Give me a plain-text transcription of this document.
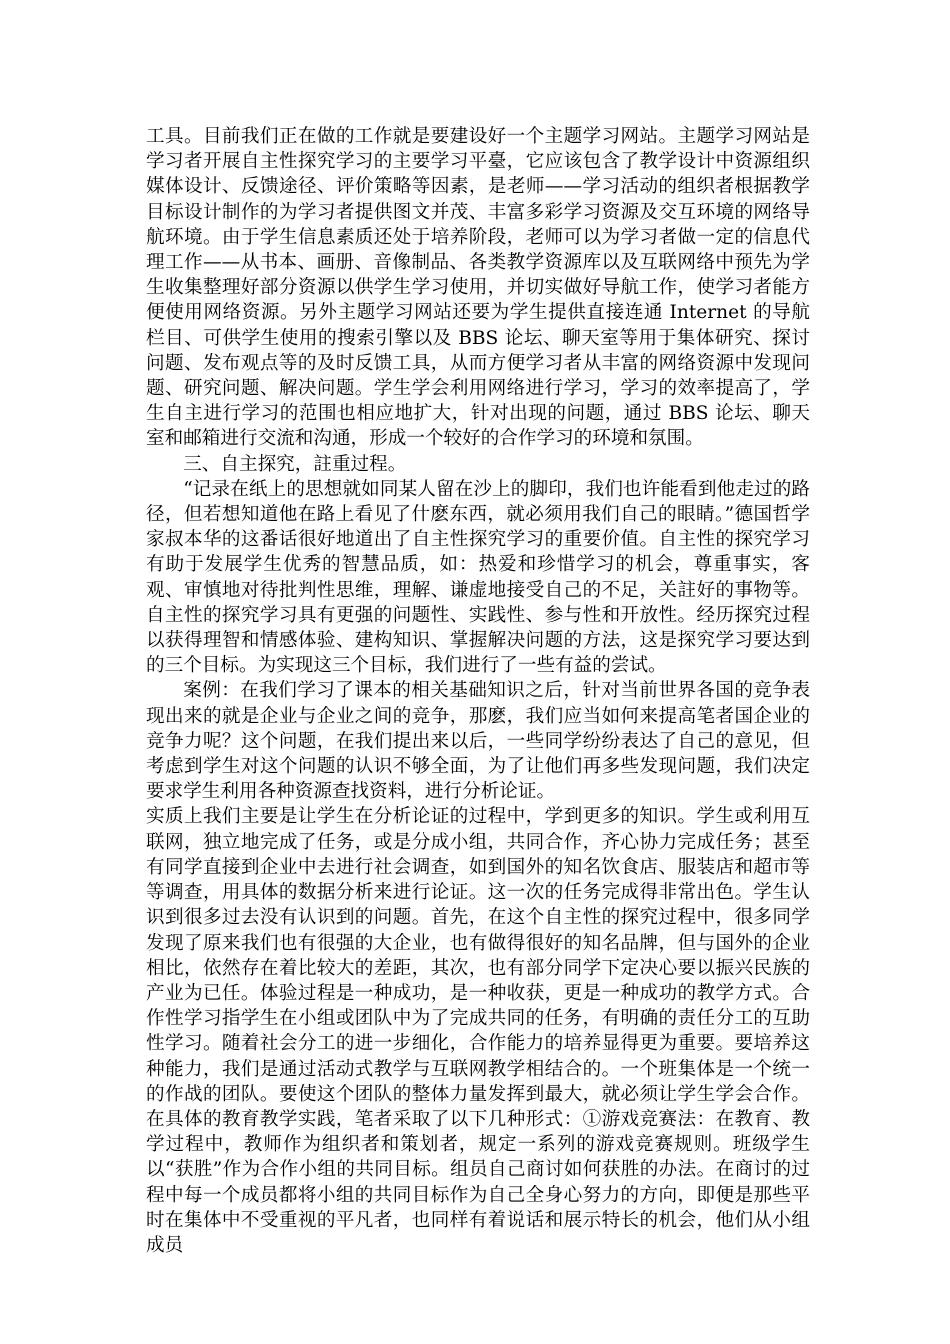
工具。目前我们正在做的工作就是要建设好一个主题学习网站。主题学习网站是学习者开展自主性探究学习的主要学习平臺，它应该包含了教学设计中资源组织媒体设计、反馈途径、评价策略等因素，是老师——学习活动的组织者根据教学目标设计制作的为学习者提供图文并茂、丰富多彩学习资源及交互环境的网络导航环境。由于学生信息素质还处于培养阶段，老师可以为学习者做一定的信息代理工作——从书本、画册、音像制品、各类教学资源库以及互联网络中预先为学生收集整理好部分资源以供学生学习使用，并切实做好导航工作，使学习者能方便使用网络资源。另外主题学习网站还要为学生提供直接连通 Internet 的导航栏目、可供学生使用的搜索引擎以及 BBS 论坛、聊天室等用于集体研究、探讨问题、发布观点等的及时反馈工具，从而方便学习者从丰富的网络资源中发现问题、研究问题、解决问题。学生学会利用网络进行学习，学习的效率提高了，学生自主进行学习的范围也相应地扩大，针对出现的问题，通过 BBS 论坛、聊天室和邮箱进行交流和沟通，形成一个较好的合作学习的环境和氛围。

三、自主探究，註重过程。

“记录在纸上的思想就如同某人留在沙上的脚印，我们也许能看到他走过的路径，但若想知道他在路上看见了什麽东西，就必须用我们自己的眼睛。”德国哲学家叔本华的这番话很好地道出了自主性探究学习的重要价值。自主性的探究学习有助于发展学生优秀的智慧品质，如：热爱和珍惜学习的机会，尊重事实，客观、审慎地对待批判性思维，理解、谦虚地接受自己的不足，关註好的事物等。自主性的探究学习具有更强的问题性、实践性、参与性和开放性。经历探究过程以获得理智和情感体验、建构知识、掌握解决问题的方法，这是探究学习要达到的三个目标。为实现这三个目标，我们进行了一些有益的尝试。

案例：在我们学习了课本的相关基础知识之后，针对当前世界各国的竞争表现出来的就是企业与企业之间的竞争，那麽，我们应当如何来提高笔者国企业的竞争力呢？这个问题，在我们提出来以后，一些同学纷纷表达了自己的意见，但考虑到学生对这个问题的认识不够全面，为了让他们再多些发现问题，我们决定要求学生利用各种资源查找资料，进行分析论证。

实质上我们主要是让学生在分析论证的过程中，学到更多的知识。学生或利用互联网，独立地完成了任务，或是分成小组，共同合作，齐心协力完成任务；甚至有同学直接到企业中去进行社会调查，如到国外的知名饮食店、服装店和超市等等调查，用具体的数据分析来进行论证。这一次的任务完成得非常出色。学生认识到很多过去没有认识到的问题。首先，在这个自主性的探究过程中，很多同学发现了原来我们也有很强的大企业，也有做得很好的知名品牌，但与国外的企业相比，依然存在着比较大的差距，其次，也有部分同学下定决心要以振兴民族的产业为已任。体验过程是一种成功，是一种收获，更是一种成功的教学方式。合作性学习指学生在小组或团队中为了完成共同的任务，有明确的责任分工的互助性学习。随着社会分工的进一步细化，合作能力的培养显得更为重要。要培养这种能力，我们是通过活动式教学与互联网教学相结合的。一个班集体是一个统一的作战的团队。要使这个团队的整体力量发挥到最大，就必须让学生学会合作。在具体的教育教学实践，笔者采取了以下几种形式：①游戏竞赛法：在教育、教学过程中，教师作为组织者和策划者，规定一系列的游戏竞赛规则。班级学生以“获胜”作为合作小组的共同目标。组员自己商讨如何获胜的办法。在商讨的过程中每一个成员都将小组的共同目标作为自己全身心努力的方向，即便是那些平时在集体中不受重视的平凡者，也同样有着说话和展示特长的机会，他们从小组成员
